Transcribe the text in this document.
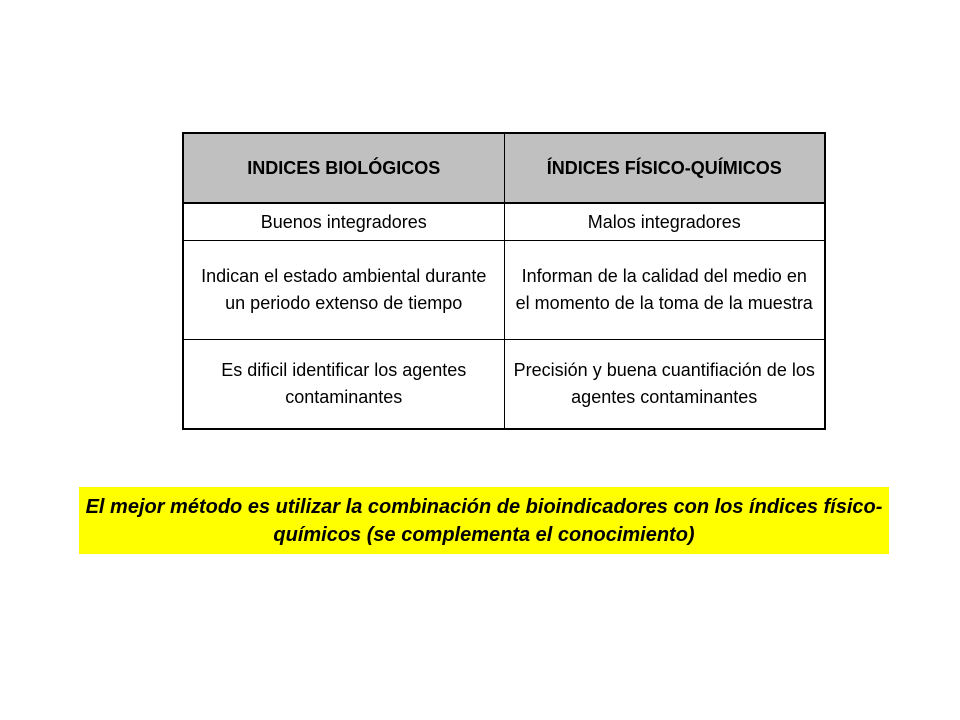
INDICES BIOLÓGICOS	ÍNDICES FÍSICO-QUÍMICOS
Buenos integradores	Malos integradores
Indican el estado ambiental durante un periodo extenso de tiempo	Informan de la calidad del medio en el momento de la toma de la muestra
Es dificil identificar los agentes contaminantes	Precisión y buena cuantifiación de los agentes contaminantes

El mejor método es utilizar la combinación de bioindicadores con los índices físico-químicos (se complementa el conocimiento)
